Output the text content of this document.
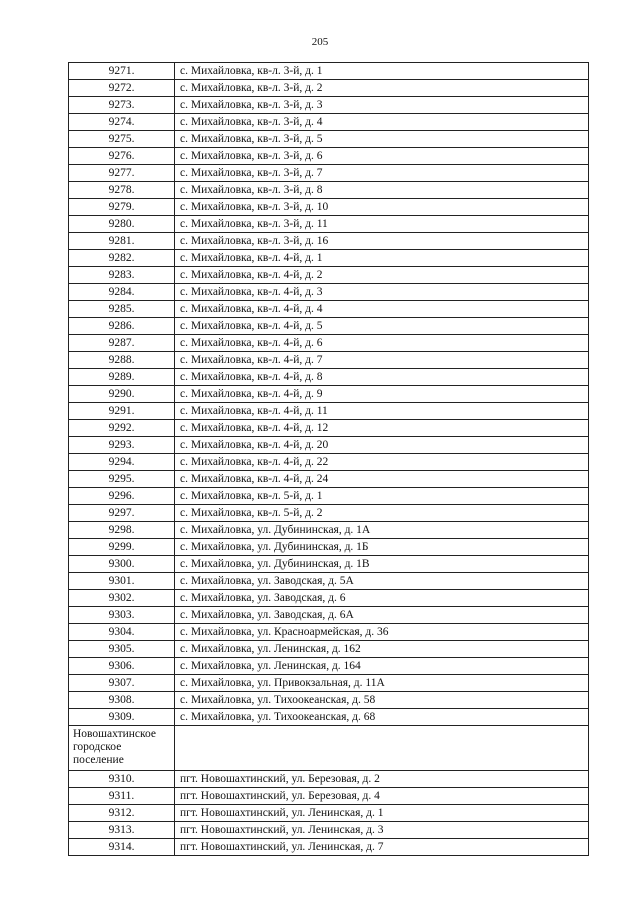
205
9271.	с. Михайловка, кв-л. 3-й, д. 1
9272.	с. Михайловка, кв-л. 3-й, д. 2
9273.	с. Михайловка, кв-л. 3-й, д. 3
9274.	с. Михайловка, кв-л. 3-й, д. 4
9275.	с. Михайловка, кв-л. 3-й, д. 5
9276.	с. Михайловка, кв-л. 3-й, д. 6
9277.	с. Михайловка, кв-л. 3-й, д. 7
9278.	с. Михайловка, кв-л. 3-й, д. 8
9279.	с. Михайловка, кв-л. 3-й, д. 10
9280.	с. Михайловка, кв-л. 3-й, д. 11
9281.	с. Михайловка, кв-л. 3-й, д. 16
9282.	с. Михайловка, кв-л. 4-й, д. 1
9283.	с. Михайловка, кв-л. 4-й, д. 2
9284.	с. Михайловка, кв-л. 4-й, д. 3
9285.	с. Михайловка, кв-л. 4-й, д. 4
9286.	с. Михайловка, кв-л. 4-й, д. 5
9287.	с. Михайловка, кв-л. 4-й, д. 6
9288.	с. Михайловка, кв-л. 4-й, д. 7
9289.	с. Михайловка, кв-л. 4-й, д. 8
9290.	с. Михайловка, кв-л. 4-й, д. 9
9291.	с. Михайловка, кв-л. 4-й, д. 11
9292.	с. Михайловка, кв-л. 4-й, д. 12
9293.	с. Михайловка, кв-л. 4-й, д. 20
9294.	с. Михайловка, кв-л. 4-й, д. 22
9295.	с. Михайловка, кв-л. 4-й, д. 24
9296.	с. Михайловка, кв-л. 5-й, д. 1
9297.	с. Михайловка, кв-л. 5-й, д. 2
9298.	с. Михайловка, ул. Дубининская, д. 1А
9299.	с. Михайловка, ул. Дубининская, д. 1Б
9300.	с. Михайловка, ул. Дубининская, д. 1В
9301.	с. Михайловка, ул. Заводская, д. 5А
9302.	с. Михайловка, ул. Заводская, д. 6
9303.	с. Михайловка, ул. Заводская, д. 6А
9304.	с. Михайловка, ул. Красноармейская, д. 36
9305.	с. Михайловка, ул. Ленинская, д. 162
9306.	с. Михайловка, ул. Ленинская, д. 164
9307.	с. Михайловка, ул. Привокзальная, д. 11А
9308.	с. Михайловка, ул. Тихоокеанская, д. 58
9309.	с. Михайловка, ул. Тихоокеанская, д. 68
Новошахтинское городское поселение	
9310.	пгт. Новошахтинский, ул. Березовая, д. 2
9311.	пгт. Новошахтинский, ул. Березовая, д. 4
9312.	пгт. Новошахтинский, ул. Ленинская, д. 1
9313.	пгт. Новошахтинский, ул. Ленинская, д. 3
9314.	пгт. Новошахтинский, ул. Ленинская, д. 7
